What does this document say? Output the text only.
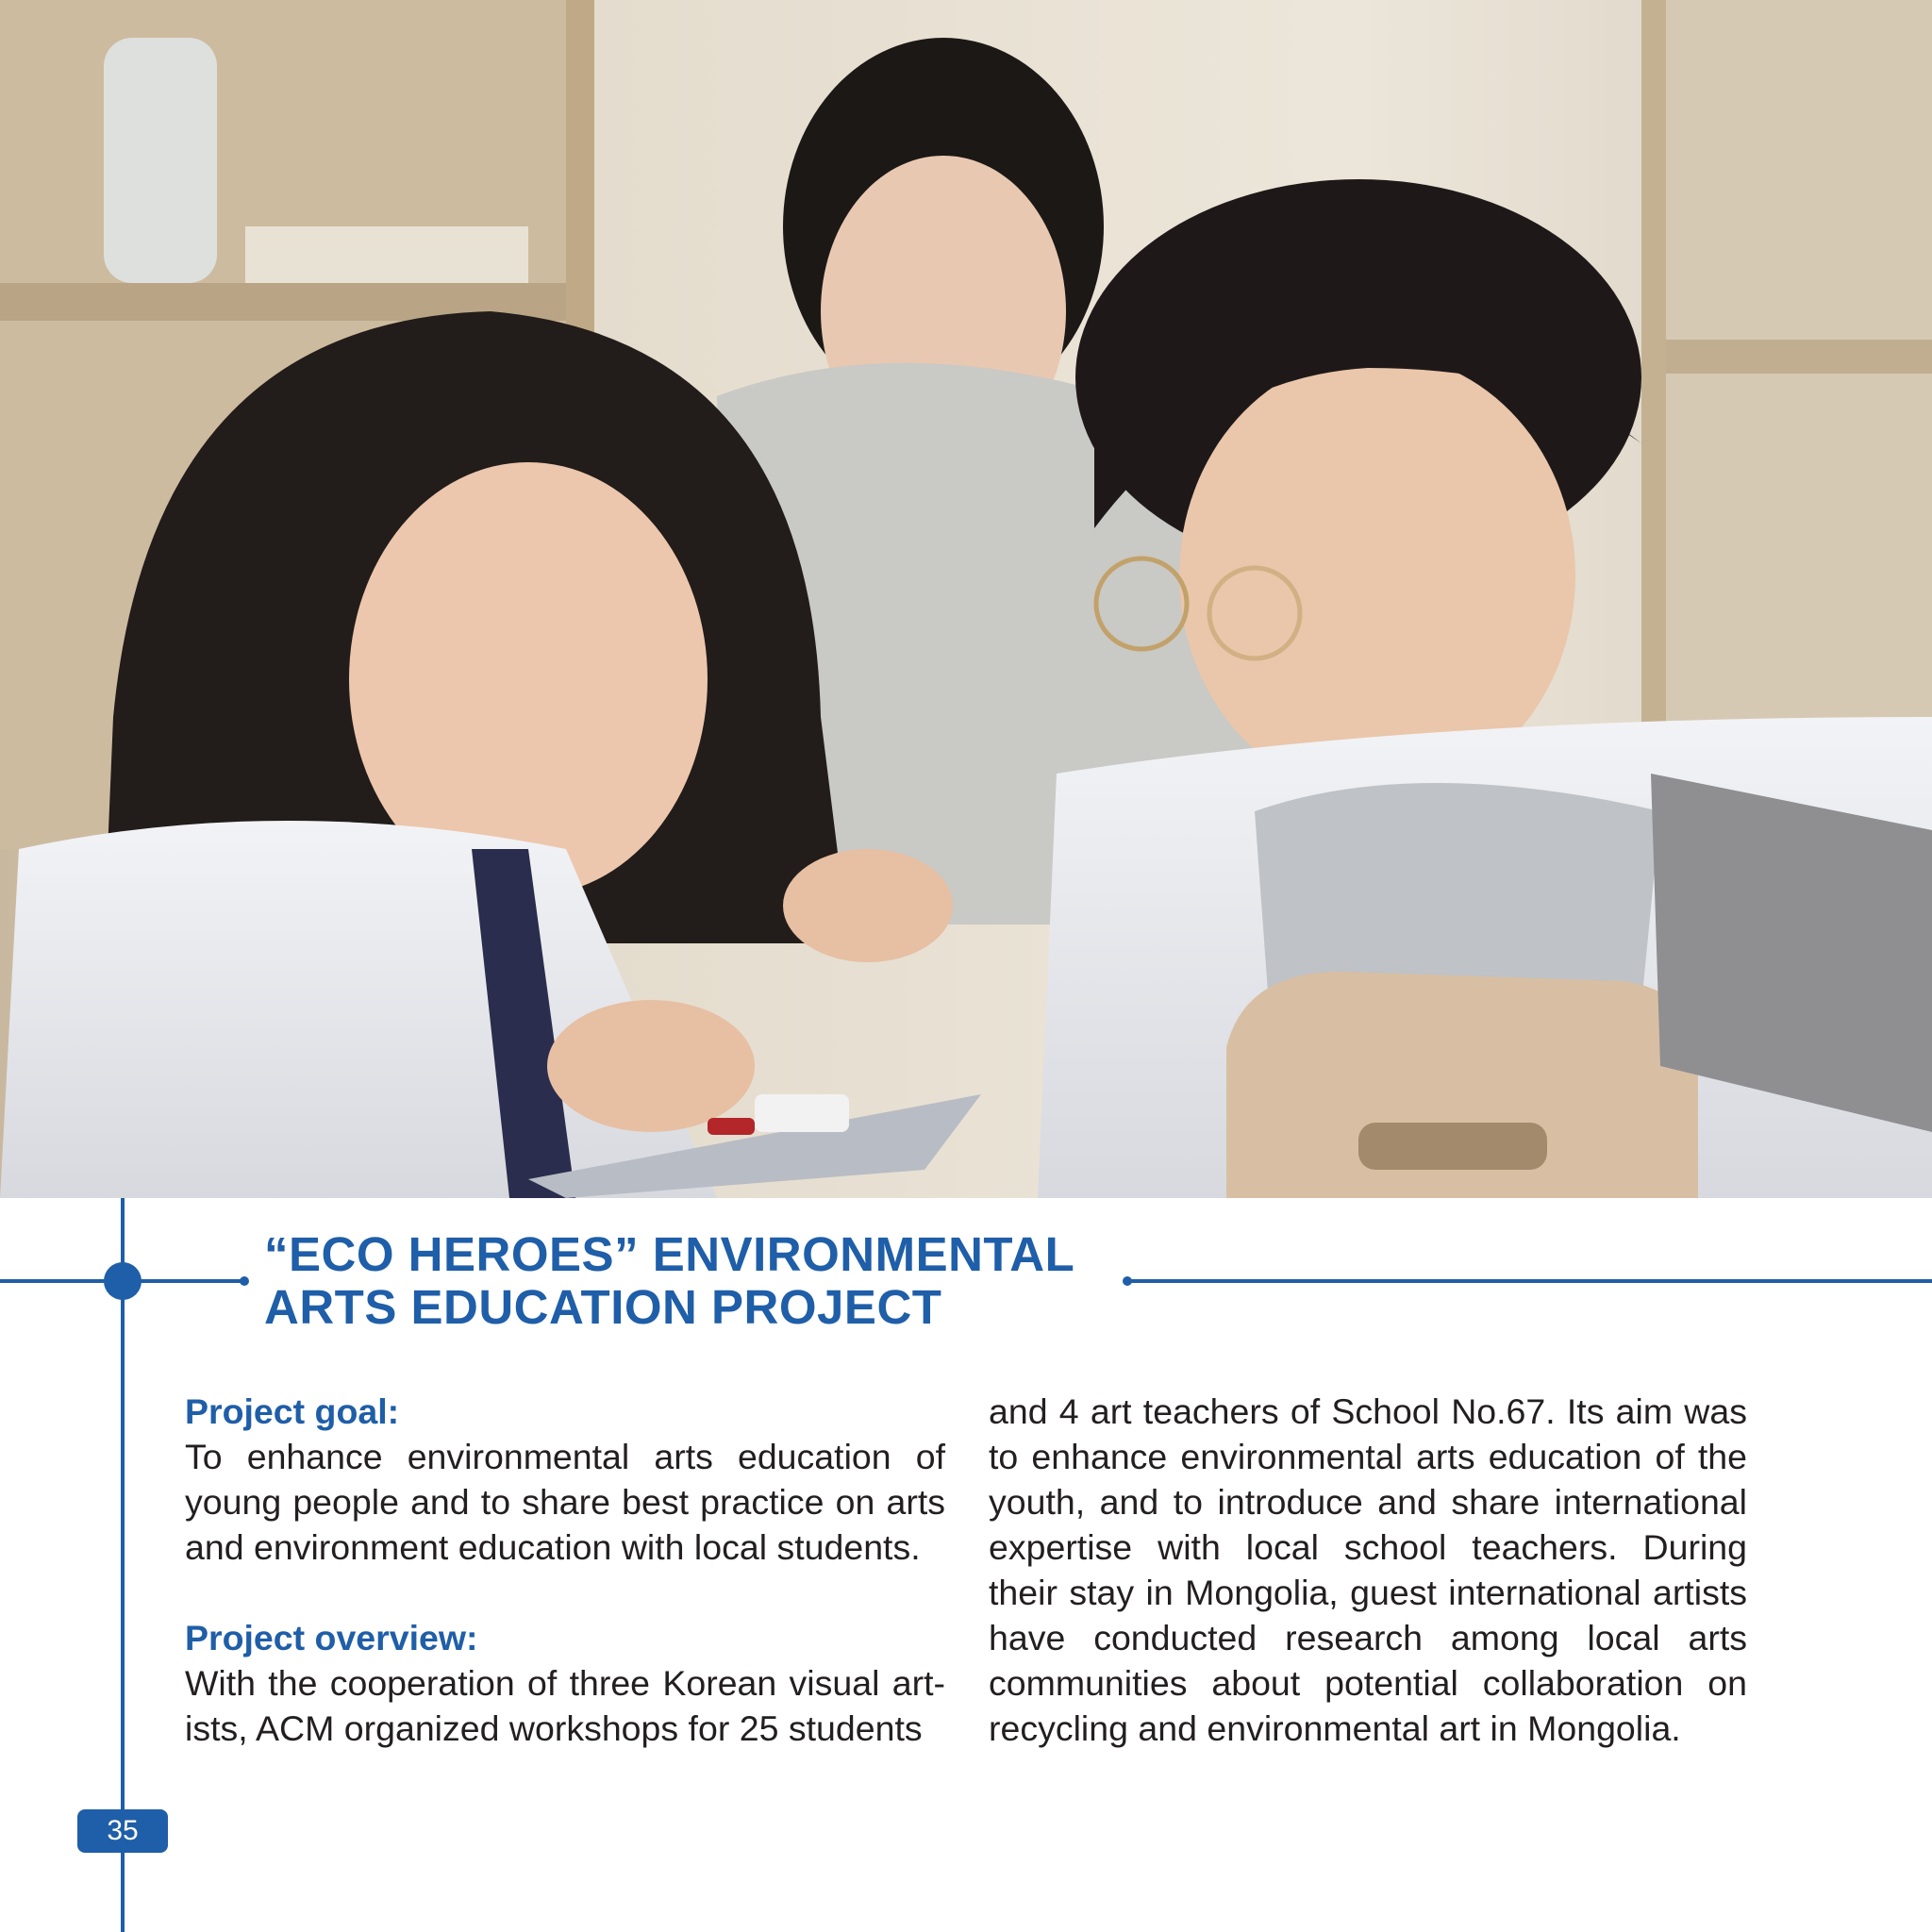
“ECO HEROES” ENVIRONMENTAL
ARTS EDUCATION PROJECT
Project goal:

To enhance environmental arts education of young people and to share best practice on arts and environment education with local students.

Project overview:

With the cooperation of three Korean visual artists, ACM organized workshops for 25 students

and 4 art teachers of School No.67. Its aim was to enhance environmental arts education of the youth, and to introduce and share international expertise with local school teachers. During their stay in Mongolia, guest international artists have conducted research among local arts communities about potential collaboration on recycling and environmental art in Mongolia.

35
